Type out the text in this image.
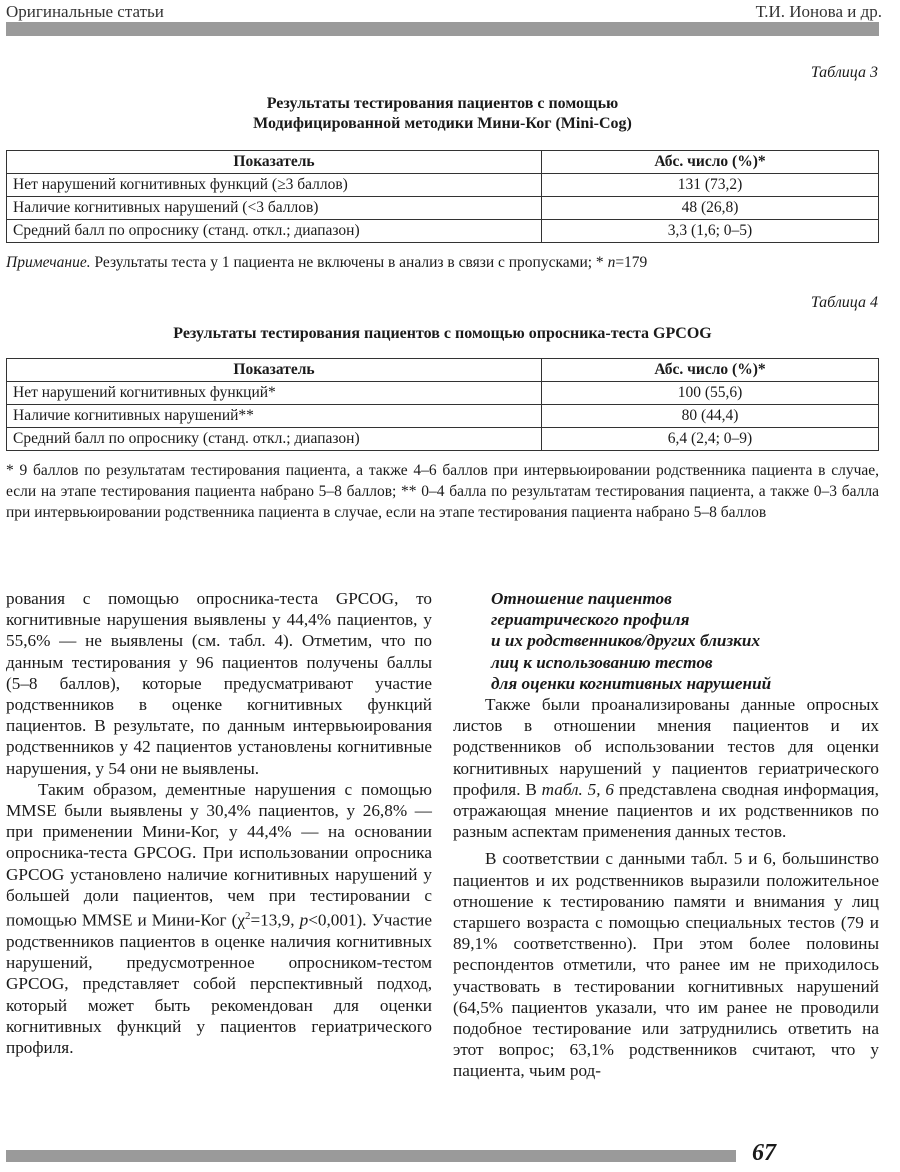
Оригинальные статьи	Т.И. Ионова и др.
Таблица 3
Результаты тестирования пациентов с помощью
Модифицированной методики Мини-Ког (Mini-Cog)
Показатель	Абс. число (%)*
Нет нарушений когнитивных функций (≥3 баллов)	131 (73,2)
Наличие когнитивных нарушений (<3 баллов)	48 (26,8)
Средний балл по опроснику (станд. откл.; диапазон)	3,3 (1,6; 0–5)
Примечание. Результаты теста у 1 пациента не включены в анализ в связи с пропусками; * n=179
Таблица 4
Результаты тестирования пациентов с помощью опросника-теста GPCOG
Показатель	Абс. число (%)*
Нет нарушений когнитивных функций*	100 (55,6)
Наличие когнитивных нарушений**	80 (44,4)
Средний балл по опроснику (станд. откл.; диапазон)	6,4 (2,4; 0–9)
* 9 баллов по результатам тестирования пациента, а также 4–6 баллов при интервьюировании родственника пациента в случае, если на этапе тестирования пациента набрано 5–8 баллов; ** 0–4 балла по результатам тестирования пациента, а также 0–3 балла при интервьюировании родственника пациента в случае, если на этапе тестирования пациента набрано 5–8 баллов

рования с помощью опросника-теста GPCOG, то когнитивные нарушения выявлены у 44,4% пациентов, у 55,6% — не выявлены (см. табл. 4). Отметим, что по данным тестирования у 96 пациентов получены баллы (5–8 баллов), которые предусматривают участие родственников в оценке когнитивных функций пациентов. В результате, по данным интервьюирования родственников у 42 пациентов установлены когнитивные нарушения, у 54 они не выявлены.

Таким образом, дементные нарушения с помощью MMSE были выявлены у 30,4% пациентов, у 26,8% — при применении Мини-Ког, у 44,4% — на основании опросника-теста GPCOG. При использовании опросника GPCOG установлено наличие когнитивных нарушений у большей доли пациентов, чем при тестировании с помощью MMSE и Мини-Ког ($\chi^2=13,9$, p<0,001). Участие родственников пациентов в оценке наличия когнитивных нарушений, предусмотренное опросником-тестом GPCOG, представляет собой перспективный подход, который может быть рекомендован для оценки когнитивных функций у пациентов гериатрического профиля.

Отношение пациентов
гериатрического профиля
и их родственников/других близких
лиц к использованию тестов
для оценки когнитивных нарушений

Также были проанализированы данные опросных листов в отношении мнения пациентов и их родственников об использовании тестов для оценки когнитивных нарушений у пациентов гериатрического профиля. В табл. 5, 6 представлена сводная информация, отражающая мнение пациентов и их родственников по разным аспектам применения данных тестов.

В соответствии с данными табл. 5 и 6, большинство пациентов и их родственников выразили положительное отношение к тестированию памяти и внимания у лиц старшего возраста с помощью специальных тестов (79 и 89,1% соответственно). При этом более половины респондентов отметили, что ранее им не приходилось участвовать в тестировании когнитивных нарушений (64,5% пациентов указали, что им ранее не проводили подобное тестирование или затруднились ответить на этот вопрос; 63,1% родственников считают, что у пациента, чьим род-

67
